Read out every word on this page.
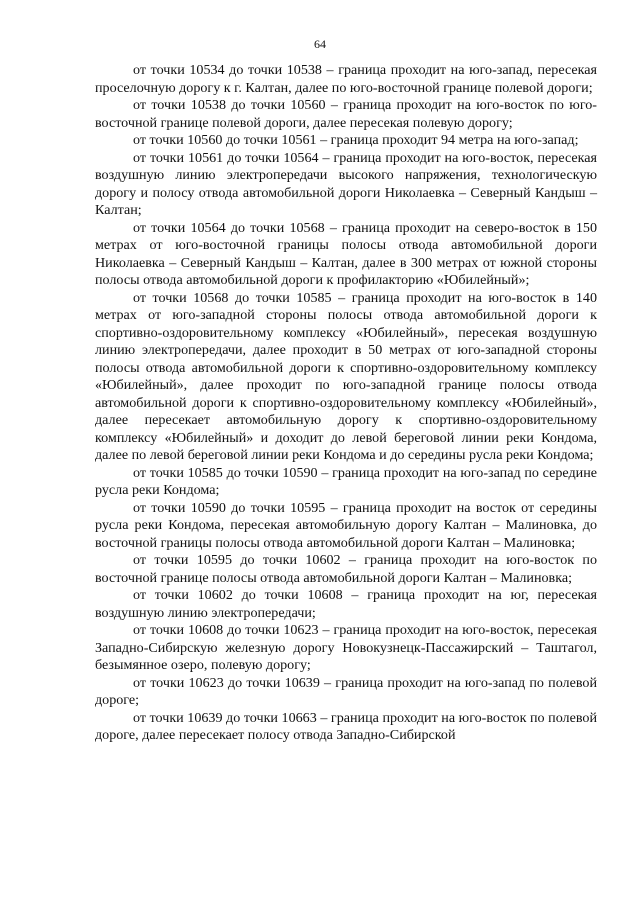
64

от точки 10534 до точки 10538 – граница проходит на юго-запад, пересекая проселочную дорогу к г. Калтан, далее по юго-восточной границе полевой дороги;

от точки 10538 до точки 10560 – граница проходит на юго-восток по юго-восточной границе полевой дороги, далее пересекая полевую дорогу;

от точки 10560 до точки 10561 – граница проходит 94 метра на юго-запад;

от точки 10561 до точки 10564 – граница проходит на юго-восток, пересекая воздушную линию электропередачи высокого напряжения, технологическую дорогу и полосу отвода автомобильной дороги Николаевка – Северный Кандыш – Калтан;

от точки 10564 до точки 10568 – граница проходит на северо-восток в 150 метрах от юго-восточной границы полосы отвода автомобильной дороги Николаевка – Северный Кандыш – Калтан, далее в 300 метрах от южной стороны полосы отвода автомобильной дороги к профилакторию «Юбилейный»;

от точки 10568 до точки 10585 – граница проходит на юго-восток в 140 метрах от юго-западной стороны полосы отвода автомобильной дороги к спортивно-оздоровительному комплексу «Юбилейный», пересекая воздушную линию электропередачи, далее проходит в 50 метрах от юго-западной стороны полосы отвода автомобильной дороги к спортивно-оздоровительному комплексу «Юбилейный», далее проходит по юго-западной границе полосы отвода автомобильной дороги к спортивно-оздоровительному комплексу «Юбилейный», далее пересекает автомобильную дорогу к спортивно-оздоровительному комплексу «Юбилейный» и доходит до левой береговой линии реки Кондома, далее по левой береговой линии реки Кондома и до середины русла реки Кондома;

от точки 10585 до точки 10590 – граница проходит на юго-запад по середине русла реки Кондома;

от точки 10590 до точки 10595 – граница проходит на восток от середины русла реки Кондома, пересекая автомобильную дорогу Калтан – Малиновка, до восточной границы полосы отвода автомобильной дороги Калтан – Малиновка;

от точки 10595 до точки 10602 – граница проходит на юго-восток по восточной границе полосы отвода автомобильной дороги Калтан – Малиновка;

от точки 10602 до точки 10608 – граница проходит на юг, пересекая воздушную линию электропередачи;

от точки 10608 до точки 10623 – граница проходит на юго-восток, пересекая Западно-Сибирскую железную дорогу Новокузнецк-Пассажирский – Таштагол, безымянное озеро, полевую дорогу;

от точки 10623 до точки 10639 – граница проходит на юго-запад по полевой дороге;

от точки 10639 до точки 10663 – граница проходит на юго-восток по полевой дороге, далее пересекает полосу отвода Западно-Сибирской
